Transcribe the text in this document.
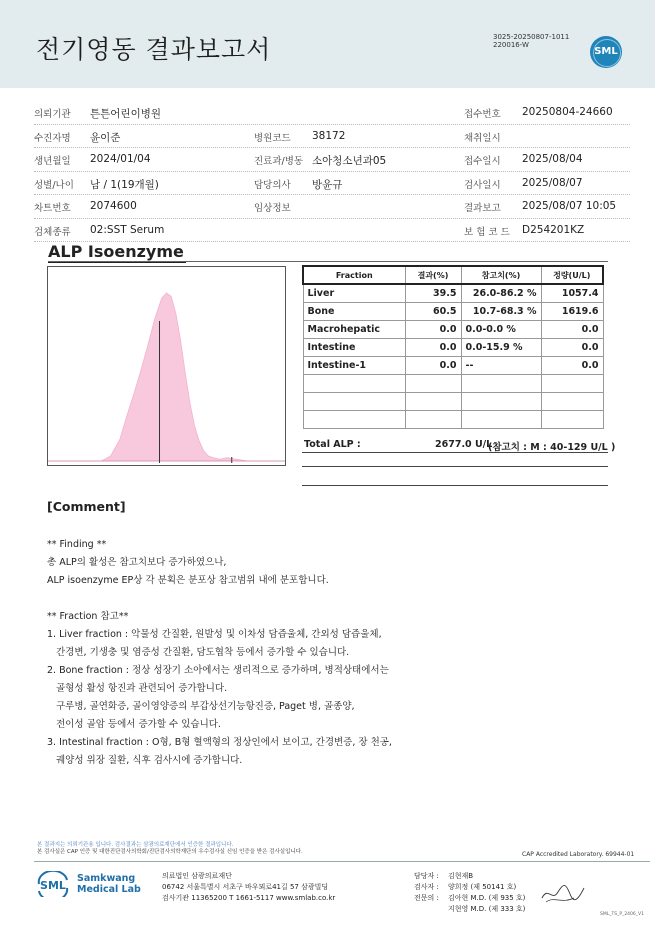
전기영동 결과보고서	3025-20250807-1011
220016-W
SML
의뢰기관 튼튼어린이병원	접수번호 20250804-24660
수진자명 윤이준	병원코드 38172	채취일시
생년월일 2024/01/04	진료과/병동 소아청소년과05	접수일시 2025/08/04
성별/나이 남 / 1(19개월)	담당의사 방윤규	검사일시 2025/08/07
차트번호 2074600	임상정보	결과보고 2025/08/07 10:05
검체종류 02:SST Serum	보 험 코 드 D254201KZ
ALP Isoenzyme
Fraction	결과(%)	참고치(%)	정량(U/L)
Liver	39.5	26.0-86.2 %	1057.4
Bone	60.5	10.7-68.3 %	1619.6
Macrohepatic	0.0	0.0-0.0 %	0.0
Intestine	0.0	0.0-15.9 %	0.0
Intestine-1	0.0	--	0.0

Total ALP :	2677.0 U/L
(참고치 : M : 40-129 U/L )
[Comment]

** Finding **

총 ALP의 활성은 참고치보다 증가하였으나,

ALP isoenzyme EP상 각 분획은 분포상 참고범위 내에 분포합니다.

** Fraction 참고**

1. Liver fraction : 악물성 간질환, 원발성 및 이차성 담즙울체, 간외성 담즙울체,

간경변, 기생충 및 염증성 간질환, 담도협착 등에서 증가할 수 있습니다.

2. Bone fraction : 정상 성장기 소아에서는 생리적으로 증가하며, 병적상태에서는

골형성 활성 항진과 관련되어 증가합니다.

구루병, 골연화증, 골이영양증의 부갑상선기능항진증, Paget 병, 골종양,

전이성 골암 등에서 증가할 수 있습니다.

3. Intestinal fraction : O형, B형 혈액형의 정상인에서 보이고, 간경변증, 장 천공,

궤양성 위장 질환, 식후 검사시에 증가합니다.

본 결과지는 의뢰기관용 입니다. 검사결과는 삼광의료재단에서 인증한 결과입니다.
본 검사실은 CAP 인증 및 대한진단검사의학회/진단검사의학재단의 우수검사실 신임 인증을 받은 검사실입니다.	CAP Accredited Laboratory. 69944-01
SML
Samkwang
Medical Lab
의료법인 삼광의료재단
06742 서울특별시 서초구 바우뫼로41길 57 삼광빌딩
검사기관 11365200 T 1661-5117 www.smlab.co.kr
담당자 : 김현재B
검사자 : 양희정 (제 50141 호)
전문의 : 김아현 M.D. (제 935 호)
지현영 M.D. (제 333 호)
SML_TS_P_2406_V1
